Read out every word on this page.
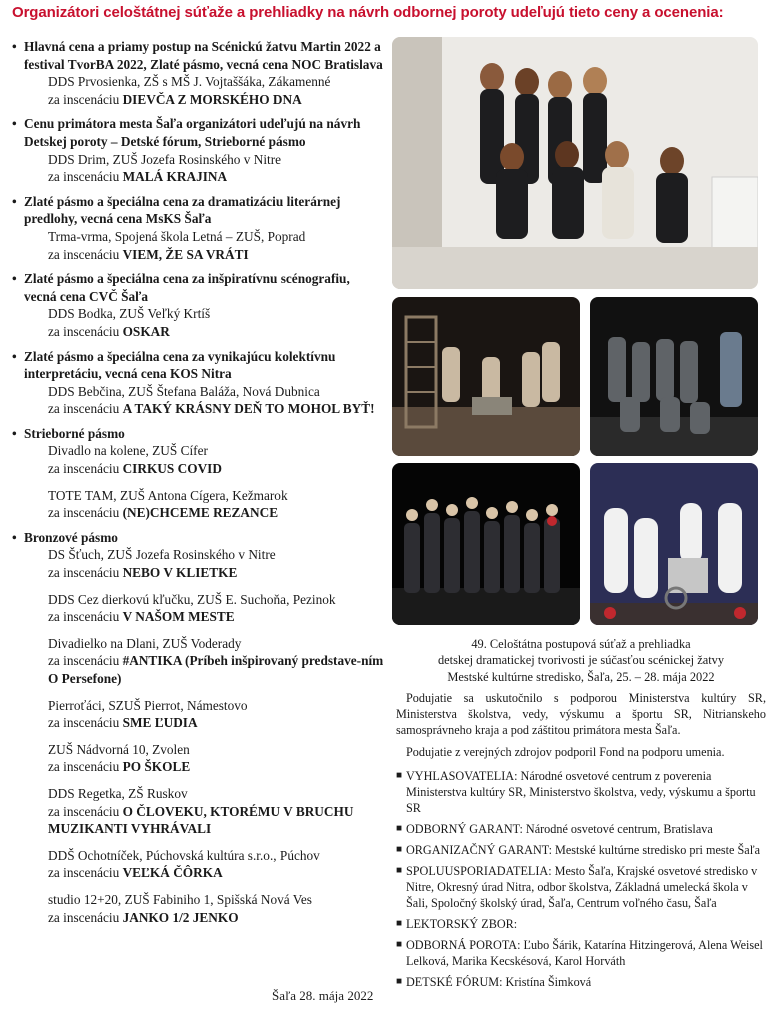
Organizátori celoštátnej súťaže a prehliadky na návrh odbornej poroty udeľujú tieto ceny a ocenenia:
• Hlavná cena a priamy postup na Scénickú žatvu Martin 2022 a festival TvorBA 2022, Zlaté pásmo, vecná cena NOC Bratislava
DDS Prvosienka, ZŠ s MŠ J. Vojtaššáka, Zákamenné
za inscenáciu DIEVČA Z MORSKÉHO DNA
• Cenu primátora mesta Šaľa organizátori udeľujú na návrh Detskej poroty – Detské fórum, Strieborné pásmo
DDS Drim, ZUŠ Jozefa Rosinského v Nitre
za inscenáciu MALÁ KRAJINA
• Zlaté pásmo a špeciálna cena za dramatizáciu literárnej predlohy, vecná cena MsKS Šaľa
Trma-vrma, Spojená škola Letná – ZUŠ, Poprad
za inscenáciu VIEM, ŽE SA VRÁTI
• Zlaté pásmo a špeciálna cena za inšpiratívnu scénografiu, vecná cena CVČ Šaľa
DDS Bodka, ZUŠ Veľký Krtíš
za inscenáciu OSKAR
• Zlaté pásmo a špeciálna cena za vynikajúcu kolektívnu interpretáciu, vecná cena KOS Nitra
DDS Bebčina, ZUŠ Štefana Baláža, Nová Dubnica
za inscenáciu A TAKÝ KRÁSNY DEŇ TO MOHOL BYŤ!
• Strieborné pásmo
Divadlo na kolene, ZUŠ Cífer
za inscenáciu CIRKUS COVID
TOTE TAM, ZUŠ Antona Cígera, Kežmarok
za inscenáciu (NE)CHCEME REZANCE
• Bronzové pásmo
DS Šťuch, ZUŠ Jozefa Rosinského v Nitre
za inscenáciu NEBO V KLIETKE
DDS Cez dierkovú kľučku, ZUŠ E. Suchoňa, Pezinok
za inscenáciu V NAŠOM MESTE
Divadielko na Dlani, ZUŠ Voderady
za inscenáciu #ANTIKA (Príbeh inšpirovaný predstave-ním O Persefone)
Pierroťáci, SZUŠ Pierrot, Námestovo
za inscenáciu SME ĽUDIA
ZUŠ Nádvorná 10, Zvolen
za inscenáciu PO ŠKOLE
DDS Regetka, ZŠ Ruskov
za inscenáciu O ČLOVEKU, KTORÉMU V BRUCHU MUZIKANTI VYHRÁVALI
DDŠ Ochotníček, Púchovská kultúra s.r.o., Púchov
za inscenáciu VEĽKÁ ČÔRKA
studio 12+20, ZUŠ Fabiniho 1, Spišská Nová Ves
za inscenáciu JANKO 1/2 JENKO
Šaľa 28. mája 2022
49. Celoštátna postupová súťaž a prehliadka
detskej dramatickej tvorivosti je súčasťou scénickej žatvy
Mestské kultúrne stredisko, Šaľa, 25. – 28. mája 2022

Podujatie sa uskutočnilo s podporou Ministerstva kultúry SR, Ministerstva školstva, vedy, výskumu a športu SR, Nitrianskeho samosprávneho kraja a pod záštitou primátora mesta Šaľa.

Podujatie z verejných zdrojov podporil Fond na podporu umenia.

■ VYHLASOVATELIA: Národné osvetové centrum z poverenia Ministerstva kultúry SR, Ministerstvo školstva, vedy, výskumu a športu SR
■ ODBORNÝ GARANT: Národné osvetové centrum, Bratislava
■ ORGANIZAČNÝ GARANT: Mestské kultúrne stredisko pri meste Šaľa
■ SPOLUUSPORIADATELIA: Mesto Šaľa, Krajské osvetové stredisko v Nitre, Okresný úrad Nitra, odbor školstva, Základná umelecká škola v Šali, Spoločný školský úrad, Šaľa, Centrum voľného času, Šaľa
■ LEKTORSKÝ ZBOR:
■ ODBORNÁ POROTA: Ľubo Šárik, Katarína Hitzingerová, Alena Weisel Lelková, Marika Kecskésová, Karol Horváth
■ DETSKÉ FÓRUM: Kristína Šimková
